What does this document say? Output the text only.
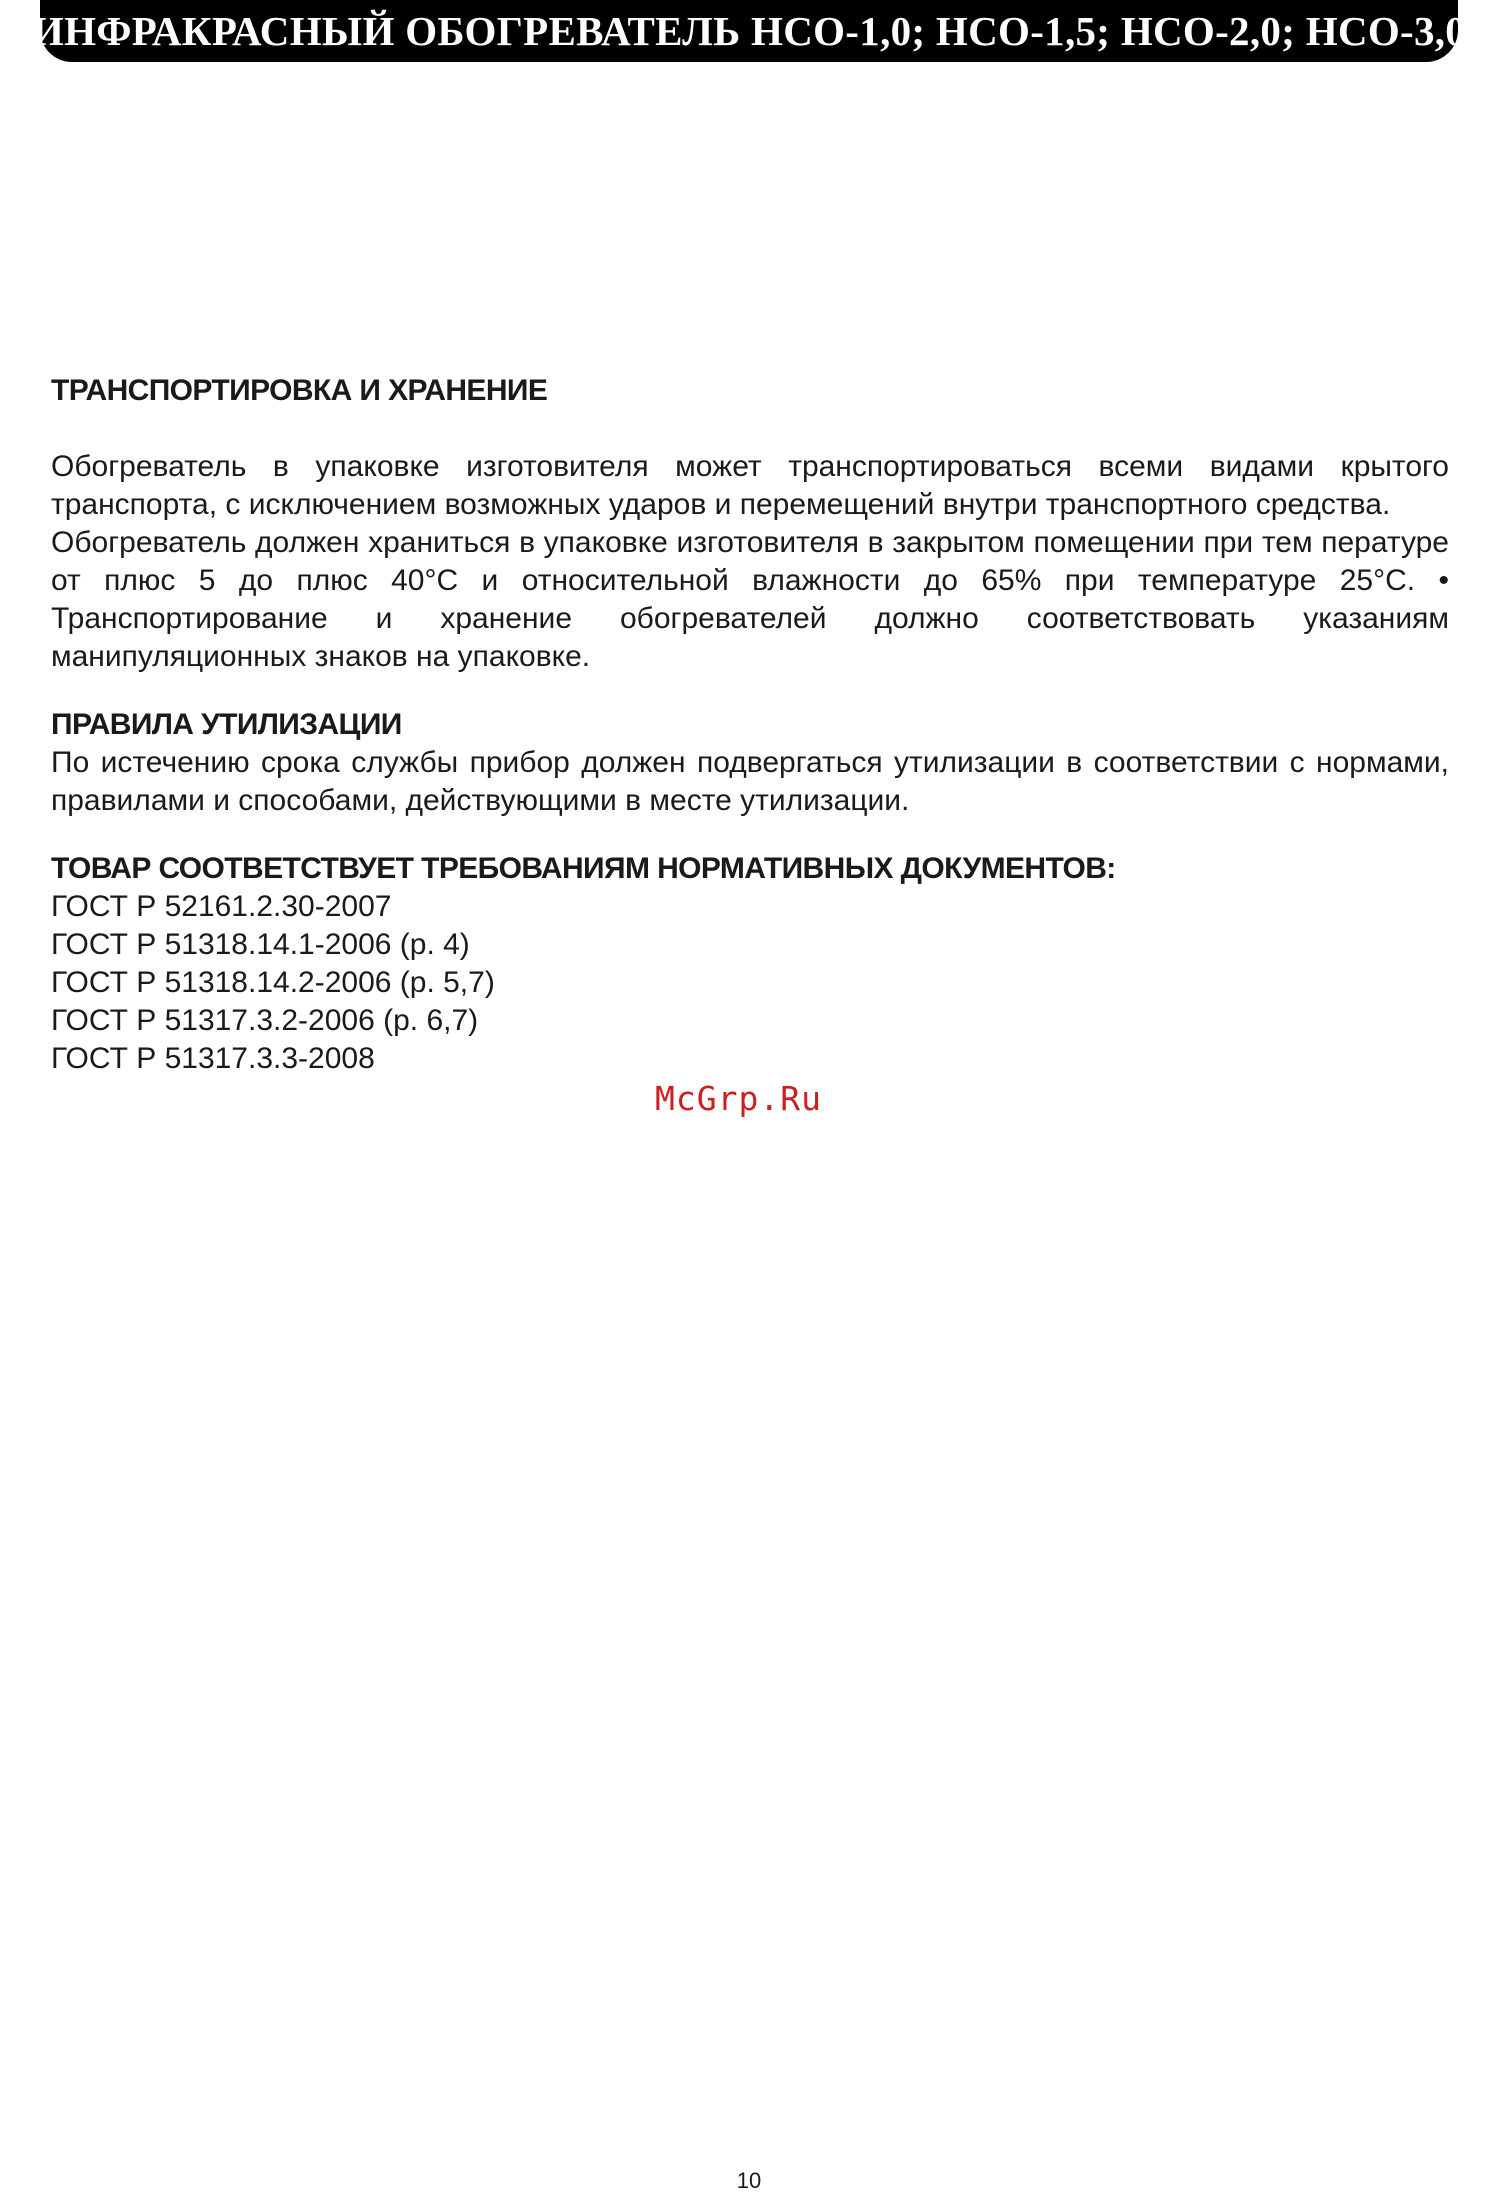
ИНФРАКРАСНЫЙ ОБОГРЕВАТЕЛЬ НСО-1,0; НСО-1,5; НСО-2,0; НСО-3,0
ТРАНСПОРТИРОВКА И ХРАНЕНИЕ

Обогреватель в упаковке изготовителя может транспортироваться всеми видами крытого транспорта, с исключением возможных ударов и перемещений внутри транспортного средства.

Обогреватель должен храниться в упаковке изготовителя в закрытом помещении при тем пературе от плюс 5 до плюс 40°С и относительной влажности до 65% при температуре 25°С. • Транспортирование и хранение обогревателей должно соответствовать указаниям манипуляционных знаков на упаковке.

ПРАВИЛА УТИЛИЗАЦИИ

По истечению срока службы прибор должен подвергаться утилизации в соответствии с нормами, правилами и способами, действующими в месте утилизации.

ТОВАР СООТВЕТСТВУЕТ ТРЕБОВАНИЯМ НОРМАТИВНЫХ ДОКУМЕНТОВ:
ГОСТ Р 52161.2.30-2007
ГОСТ Р 51318.14.1-2006 (р. 4)
ГОСТ Р 51318.14.2-2006 (р. 5,7)
ГОСТ Р 51317.3.2-2006 (р. 6,7)
ГОСТ Р 51317.3.3-2008
McGrp.Ru
10
